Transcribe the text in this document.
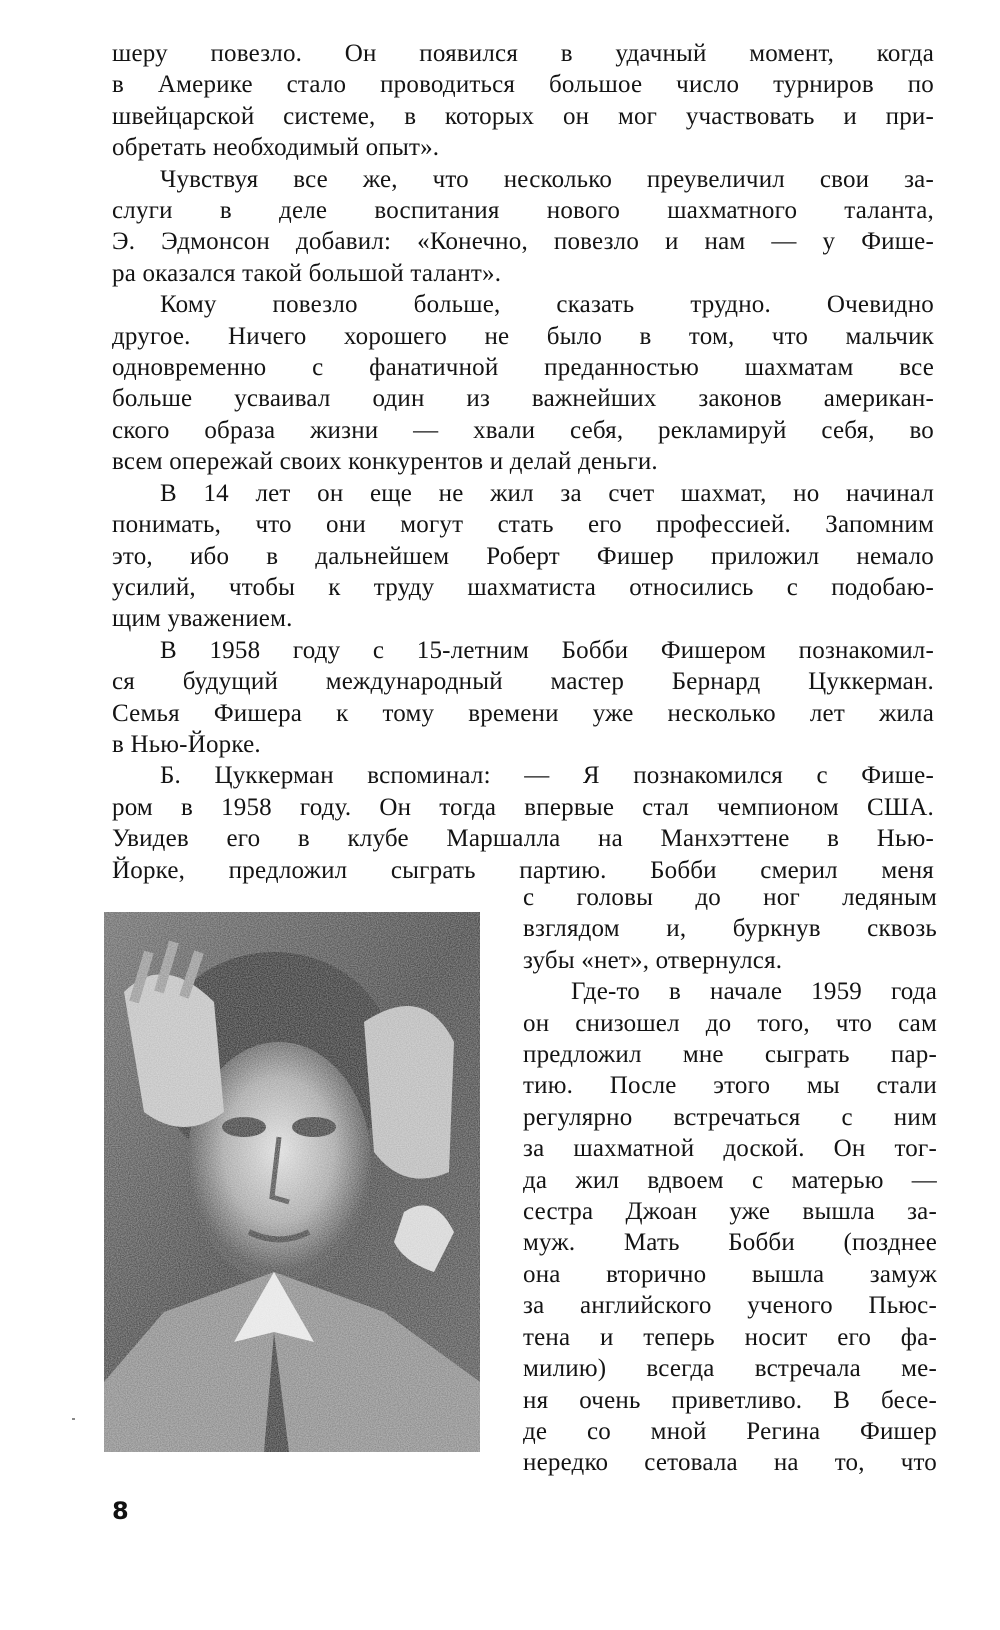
шеру повезло. Он появился в удачный момент, когда
в Америке стало проводиться большое число турниров по
швейцарской системе, в которых он мог участвовать и при-
обретать необходимый опыт».
Чувствуя все же, что несколько преувеличил свои за-
слуги в деле воспитания нового шахматного таланта,
Э. Эдмонсон добавил: «Конечно, повезло и нам — у Фише-
ра оказался такой большой талант».
Кому повезло больше, сказать трудно. Очевидно
другое. Ничего хорошего не было в том, что мальчик
одновременно с фанатичной преданностью шахматам все
больше усваивал один из важнейших законов американ-
ского образа жизни — хвали себя, рекламируй себя, во
всем опережай своих конкурентов и делай деньги.
В 14 лет он еще не жил за счет шахмат, но начинал
понимать, что они могут стать его профессией. Запомним
это, ибо в дальнейшем Роберт Фишер приложил немало
усилий, чтобы к труду шахматиста относились с подобаю-
щим уважением.
В 1958 году с 15-летним Бобби Фишером познакомил-
ся будущий международный мастер Бернард Цуккерман.
Семья Фишера к тому времени уже несколько лет жила
в Нью-Йорке.
Б. Цуккерман вспоминал: — Я познакомился с Фише-
ром в 1958 году. Он тогда впервые стал чемпионом США.
Увидев его в клубе Маршалла на Манхэттене в Нью-
Йорке, предложил сыграть партию. Бобби смерил меня
с головы до ног ледяным
взглядом и, буркнув сквозь
зубы «нет», отвернулся.
Где-то в начале 1959 года
он снизошел до того, что сам
предложил мне сыграть пар-
тию. После этого мы стали
регулярно встречаться с ним
за шахматной доской. Он тог-
да жил вдвоем с матерью —
сестра Джоан уже вышла за-
муж. Мать Бобби (позднее
она вторично вышла замуж
за английского ученого Пьюс-
тена и теперь носит его фа-
милию) всегда встречала ме-
ня очень приветливо. В бесе-
де со мной Регина Фишер
нередко сетовала на то, что
8
